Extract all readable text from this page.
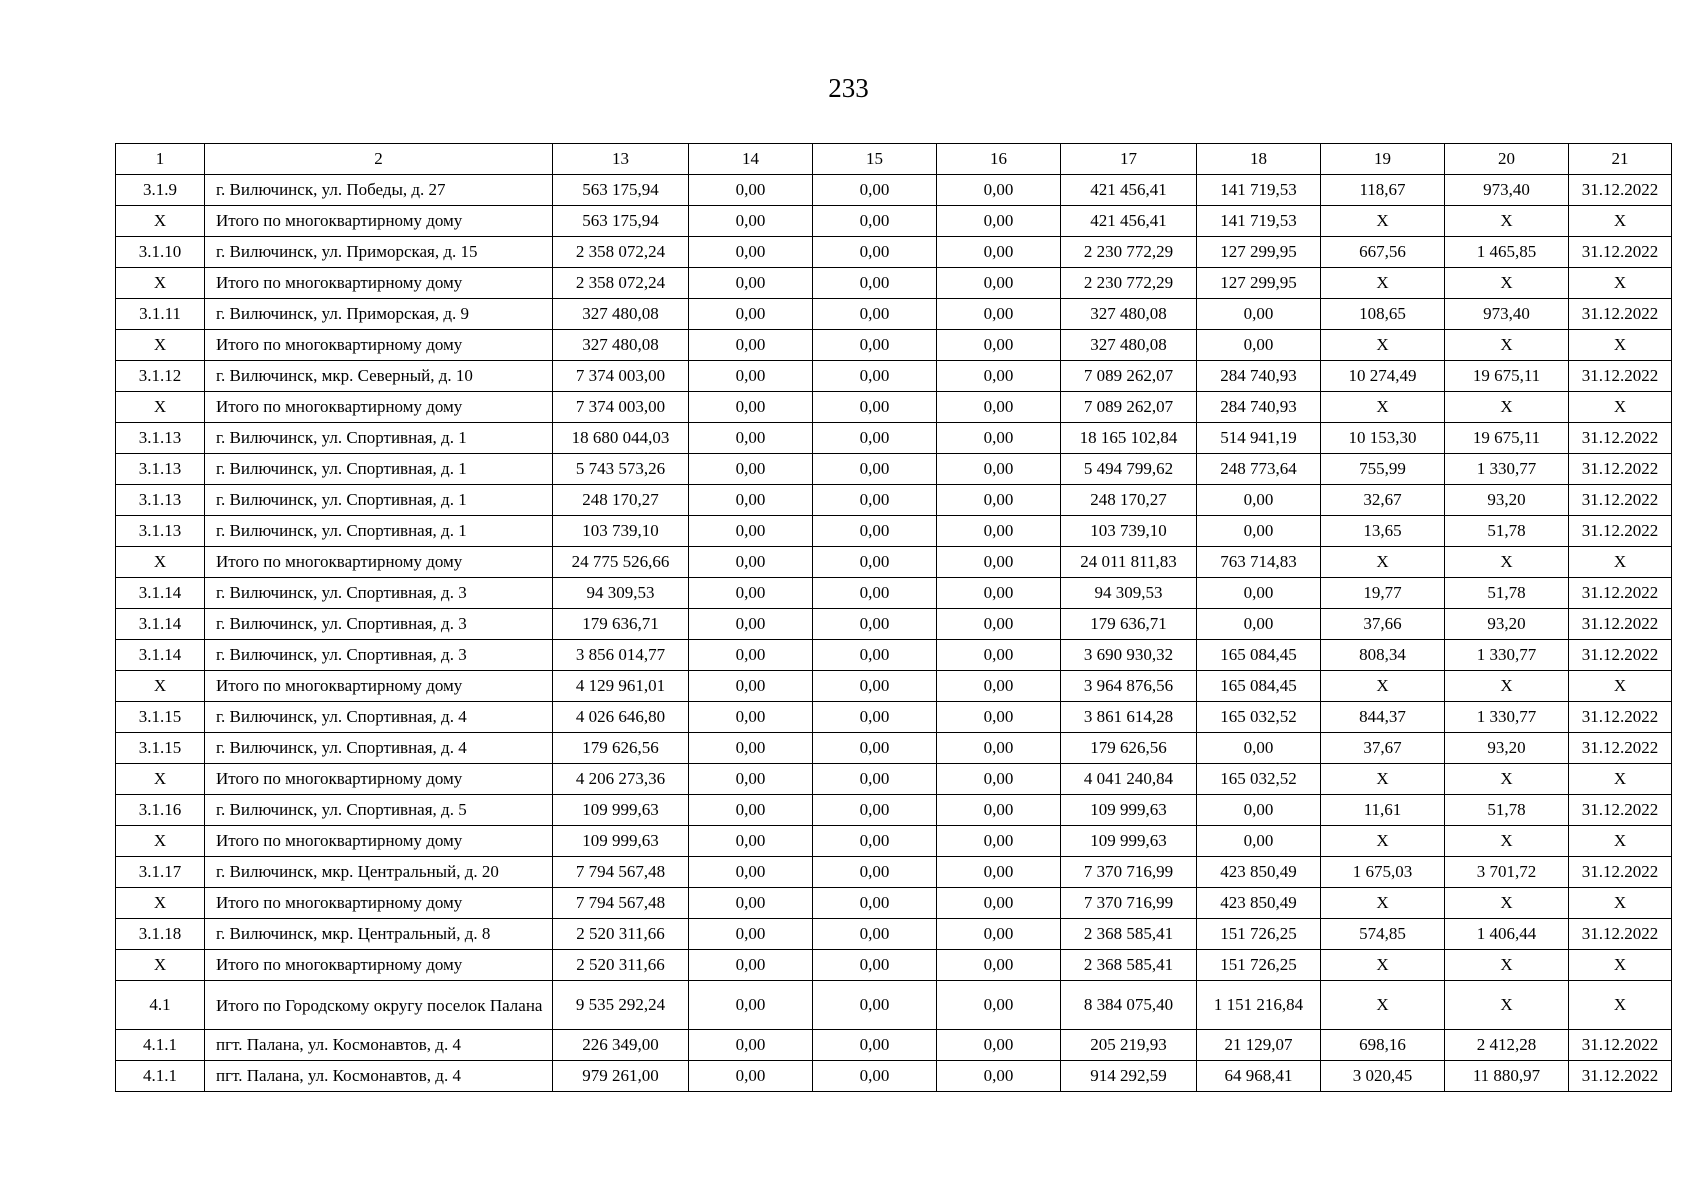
233
1	2	13	14	15	16	17	18	19	20	21
3.1.9	г. Вилючинск, ул. Победы, д. 27	563 175,94	0,00	0,00	0,00	421 456,41	141 719,53	118,67	973,40	31.12.2022
X	Итого по многоквартирному дому	563 175,94	0,00	0,00	0,00	421 456,41	141 719,53	X	X	X
3.1.10	г. Вилючинск, ул. Приморская, д. 15	2 358 072,24	0,00	0,00	0,00	2 230 772,29	127 299,95	667,56	1 465,85	31.12.2022
X	Итого по многоквартирному дому	2 358 072,24	0,00	0,00	0,00	2 230 772,29	127 299,95	X	X	X
3.1.11	г. Вилючинск, ул. Приморская, д. 9	327 480,08	0,00	0,00	0,00	327 480,08	0,00	108,65	973,40	31.12.2022
X	Итого по многоквартирному дому	327 480,08	0,00	0,00	0,00	327 480,08	0,00	X	X	X
3.1.12	г. Вилючинск, мкр. Северный, д. 10	7 374 003,00	0,00	0,00	0,00	7 089 262,07	284 740,93	10 274,49	19 675,11	31.12.2022
X	Итого по многоквартирному дому	7 374 003,00	0,00	0,00	0,00	7 089 262,07	284 740,93	X	X	X
3.1.13	г. Вилючинск, ул. Спортивная, д. 1	18 680 044,03	0,00	0,00	0,00	18 165 102,84	514 941,19	10 153,30	19 675,11	31.12.2022
3.1.13	г. Вилючинск, ул. Спортивная, д. 1	5 743 573,26	0,00	0,00	0,00	5 494 799,62	248 773,64	755,99	1 330,77	31.12.2022
3.1.13	г. Вилючинск, ул. Спортивная, д. 1	248 170,27	0,00	0,00	0,00	248 170,27	0,00	32,67	93,20	31.12.2022
3.1.13	г. Вилючинск, ул. Спортивная, д. 1	103 739,10	0,00	0,00	0,00	103 739,10	0,00	13,65	51,78	31.12.2022
X	Итого по многоквартирному дому	24 775 526,66	0,00	0,00	0,00	24 011 811,83	763 714,83	X	X	X
3.1.14	г. Вилючинск, ул. Спортивная, д. 3	94 309,53	0,00	0,00	0,00	94 309,53	0,00	19,77	51,78	31.12.2022
3.1.14	г. Вилючинск, ул. Спортивная, д. 3	179 636,71	0,00	0,00	0,00	179 636,71	0,00	37,66	93,20	31.12.2022
3.1.14	г. Вилючинск, ул. Спортивная, д. 3	3 856 014,77	0,00	0,00	0,00	3 690 930,32	165 084,45	808,34	1 330,77	31.12.2022
X	Итого по многоквартирному дому	4 129 961,01	0,00	0,00	0,00	3 964 876,56	165 084,45	X	X	X
3.1.15	г. Вилючинск, ул. Спортивная, д. 4	4 026 646,80	0,00	0,00	0,00	3 861 614,28	165 032,52	844,37	1 330,77	31.12.2022
3.1.15	г. Вилючинск, ул. Спортивная, д. 4	179 626,56	0,00	0,00	0,00	179 626,56	0,00	37,67	93,20	31.12.2022
X	Итого по многоквартирному дому	4 206 273,36	0,00	0,00	0,00	4 041 240,84	165 032,52	X	X	X
3.1.16	г. Вилючинск, ул. Спортивная, д. 5	109 999,63	0,00	0,00	0,00	109 999,63	0,00	11,61	51,78	31.12.2022
X	Итого по многоквартирному дому	109 999,63	0,00	0,00	0,00	109 999,63	0,00	X	X	X
3.1.17	г. Вилючинск, мкр. Центральный, д. 20	7 794 567,48	0,00	0,00	0,00	7 370 716,99	423 850,49	1 675,03	3 701,72	31.12.2022
X	Итого по многоквартирному дому	7 794 567,48	0,00	0,00	0,00	7 370 716,99	423 850,49	X	X	X
3.1.18	г. Вилючинск, мкр. Центральный, д. 8	2 520 311,66	0,00	0,00	0,00	2 368 585,41	151 726,25	574,85	1 406,44	31.12.2022
X	Итого по многоквартирному дому	2 520 311,66	0,00	0,00	0,00	2 368 585,41	151 726,25	X	X	X
4.1	Итого по Городскому округу поселок Палана	9 535 292,24	0,00	0,00	0,00	8 384 075,40	1 151 216,84	X	X	X
4.1.1	пгт. Палана, ул. Космонавтов, д. 4	226 349,00	0,00	0,00	0,00	205 219,93	21 129,07	698,16	2 412,28	31.12.2022
4.1.1	пгт. Палана, ул. Космонавтов, д. 4	979 261,00	0,00	0,00	0,00	914 292,59	64 968,41	3 020,45	11 880,97	31.12.2022
